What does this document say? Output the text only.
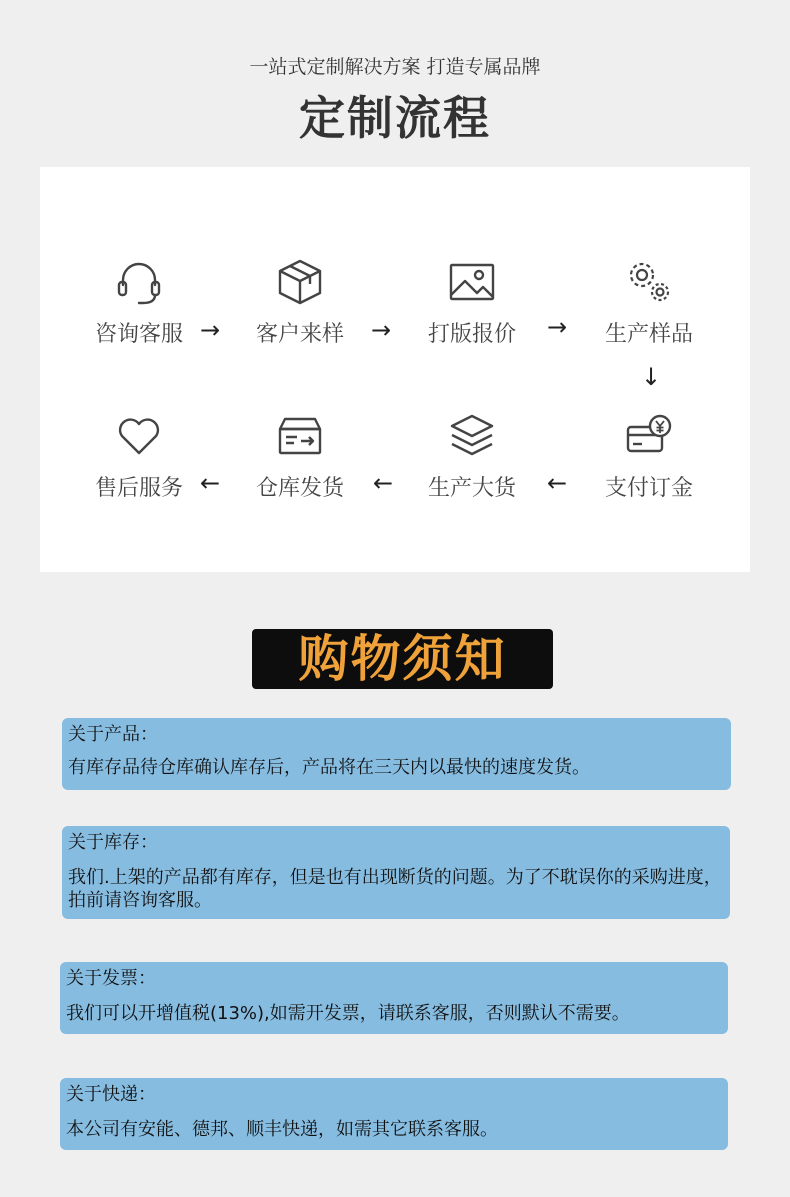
一站式定制解决方案 打造专属品牌
定制流程
咨询客服 →	客户来样	→	打版报价	→	生产样品
↓
支付订金
←
生产大货
←
仓库发货
←
售后服务
购物须知
关于产品：
有库存品待仓库确认库存后，产品将在三天内以最快的速度发货。
关于库存：
我们.上架的产品都有库存，但是也有出现断货的问题。为了不耽误你的采购进度，拍前请咨询客服。
关于发票：
我们可以开增值税(13%),如需开发票，请联系客服，否则默认不需要。
关于快递：
本公司有安能、德邦、顺丰快递，如需其它联系客服。
